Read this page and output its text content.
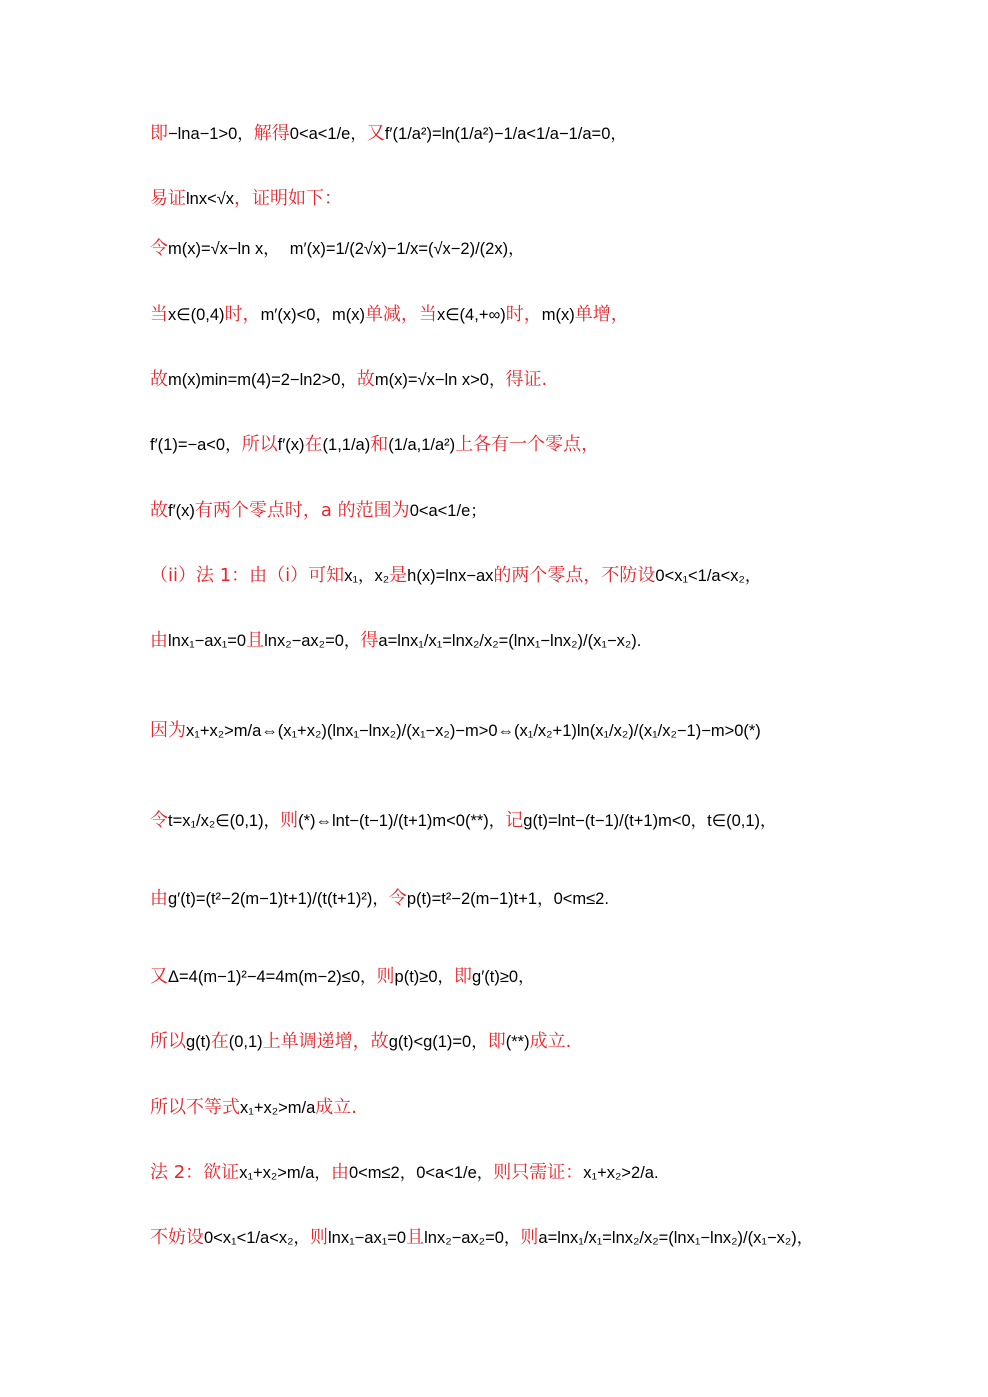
即 −lna−1>0， 解得 0<a<1/e， 又 f′(1/a²)=ln(1/a²)−1/a<1/a−1/a=0，
易证 lnx<√x ，证明如下：
令 m(x)=√x−ln x， m′(x)=1/(2√x)−1/x=(√x−2)/(2x)，
当 x∈(0,4) 时， m′(x)<0， m(x) 单减，当 x∈(4,+∞) 时， m(x) 单增，
故 m(x)min=m(4)=2−ln2>0， 故 m(x)=√x−ln x>0， 得证.
f′(1)=−a<0， 所以 f′(x) 在 (1,1/a) 和 (1/a,1/a²) 上各有一个零点，
故 f′(x) 有两个零点时，a 的范围为 0<a<1/e；
（ii）法 1：由（i）可知 x₁，x₂ 是 h(x)=lnx−ax 的两个零点，不防设 0<x₁<1/a<x₂，
由 lnx₁−ax₁=0 且 lnx₂−ax₂=0， 得 a=lnx₁/x₁=lnx₂/x₂=(lnx₁−lnx₂)/(x₁−x₂).
因为 x₁+x₂>m/a⇔(x₁+x₂)(lnx₁−lnx₂)/(x₁−x₂)−m>0⇔(x₁/x₂+1)ln(x₁/x₂)/(x₁/x₂−1)−m>0(*)
令 t=x₁/x₂∈(0,1)， 则 (*)⇔lnt−(t−1)/(t+1)m<0(**)， 记 g(t)=lnt−(t−1)/(t+1)m<0，t∈(0,1)，
由 g′(t)=(t²−2(m−1)t+1)/(t(t+1)²)， 令 p(t)=t²−2(m−1)t+1，0<m≤2.
又 Δ=4(m−1)²−4=4m(m−2)≤0， 则 p(t)≥0， 即 g′(t)≥0，
所以 g(t) 在 (0,1) 上单调递增，故 g(t)<g(1)=0， 即 (**) 成立.
所以不等式 x₁+x₂>m/a 成立.
法 2：欲证 x₁+x₂>m/a， 由 0<m≤2，0<a<1/e， 则只需证： x₁+x₂>2/a.
不妨设 0<x₁<1/a<x₂， 则 lnx₁−ax₁=0 且 lnx₂−ax₂=0， 则 a=lnx₁/x₁=lnx₂/x₂=(lnx₁−lnx₂)/(x₁−x₂)，
